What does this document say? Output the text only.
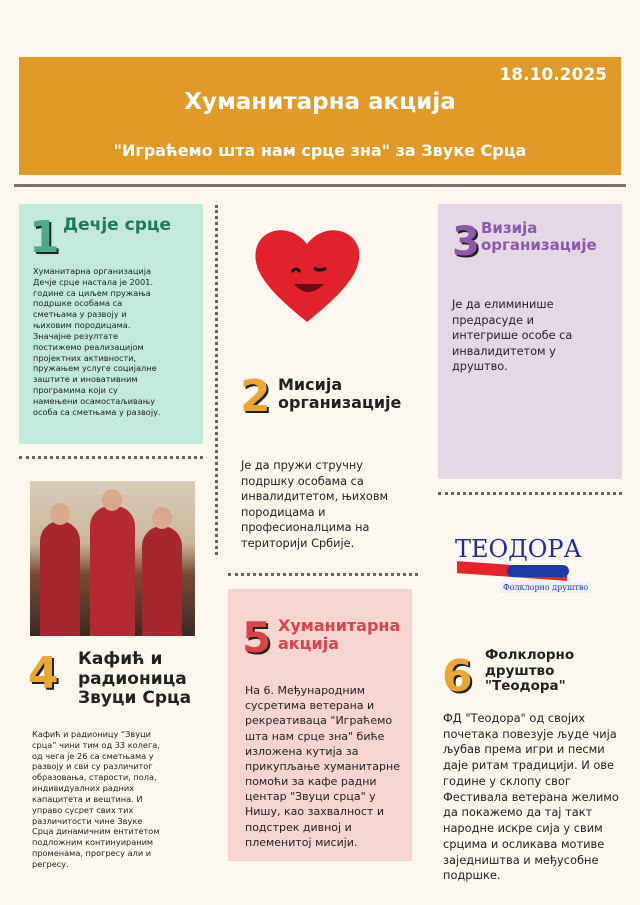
18.10.2025
Хуманитарна акција
"Играћемо шта нам срце зна" за Звуке Срца
1 Дечје срце
Хуманитарна организација Дечје срце настала је 2001. године са циљем пружања подршке особама са сметњама у развоју и њиховим породицама. Значајне резултате постижемо реализацијом пројектних активности, пружањем услуге социјалне заштите и иновативним програмима који су намењени осамостаљивању особа са сметњама у развоју.
4 Кафић и радионица Звуци Срца
Кафић и радионицу “Звуци срца” чини тим од 33 колега, од чега је 26 са сметњама у развоју и сви су различитог образовања, старости, пола, индивидуалних радних капацитета и вештина. И управо сусрет свих тих различитости чине Звуке Срца динамичним ентитетом подложним континуираним променама, прогресу али и регресу.
2 Мисија организације
Је да пружи стручну подршку особама са инвалидитетом, њиховм породицама и професионалцима на територији Србије.
3 Визија организације
Је да елиминише предрасуде и интегрише особе са инвалидитетом у друштво.
ТЕОДОРА
Фолклорно друштво
5 Хуманитарна акција
На 6. Међународним сусретима ветерана и рекреативаца "Играћемо шта нам срце зна" биће изложена кутија за прикупљање хуманитарне помоћи за кафе радни центар "Звуци срца" у Нишу, као захвалност и подстрек дивној и племенитој мисији.
6 Фолклорно друштво "Теодора"
ФД "Теодора" од својих почетака повезује људе чија љубав према игри и песми даје ритам традицији. И ове године у склопу свог Фестивала ветерана желимо да покажемо да тај такт народне искре сија у свим срцима и осликава мотиве заједништва и међусобне подршке.
